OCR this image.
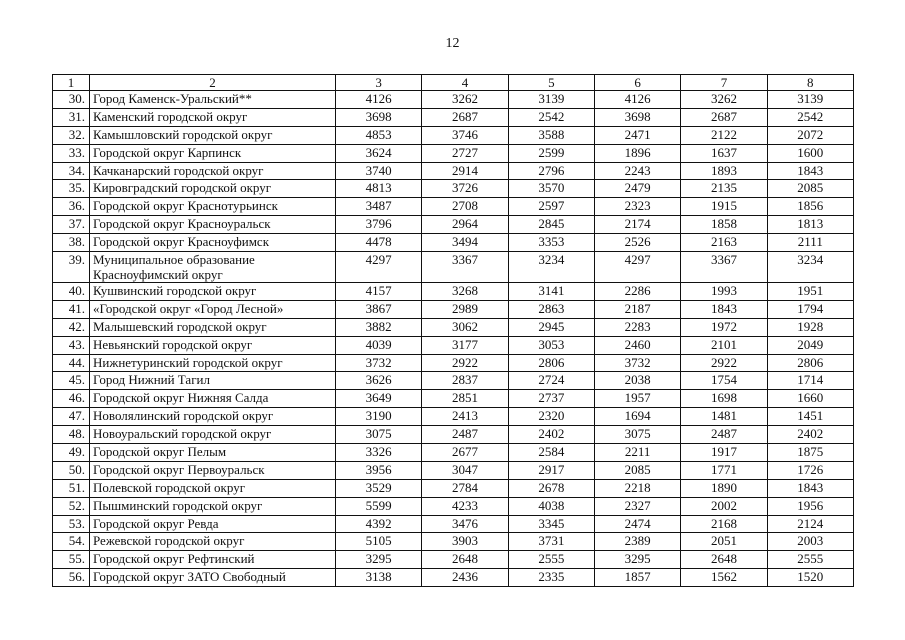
12
1	2	3	4	5	6	7	8
30.	Город Каменск-Уральский**	4126	3262	3139	4126	3262	3139
31.	Каменский городской округ	3698	2687	2542	3698	2687	2542
32.	Камышловский городской округ	4853	3746	3588	2471	2122	2072
33.	Городской округ Карпинск	3624	2727	2599	1896	1637	1600
34.	Качканарский городской округ	3740	2914	2796	2243	1893	1843
35.	Кировградский городской округ	4813	3726	3570	2479	2135	2085
36.	Городской округ Краснотурьинск	3487	2708	2597	2323	1915	1856
37.	Городской округ Красноуральск	3796	2964	2845	2174	1858	1813
38.	Городской округ Красноуфимск	4478	3494	3353	2526	2163	2111
39.	Муниципальное образование Красноуфимский округ	4297	3367	3234	4297	3367	3234
40.	Кушвинский городской округ	4157	3268	3141	2286	1993	1951
41.	«Городской округ «Город Лесной»	3867	2989	2863	2187	1843	1794
42.	Малышевский городской округ	3882	3062	2945	2283	1972	1928
43.	Невьянский городской округ	4039	3177	3053	2460	2101	2049
44.	Нижнетуринский городской округ	3732	2922	2806	3732	2922	2806
45.	Город Нижний Тагил	3626	2837	2724	2038	1754	1714
46.	Городской округ Нижняя Салда	3649	2851	2737	1957	1698	1660
47.	Новолялинский городской округ	3190	2413	2320	1694	1481	1451
48.	Новоуральский городской округ	3075	2487	2402	3075	2487	2402
49.	Городской округ Пелым	3326	2677	2584	2211	1917	1875
50.	Городской округ Первоуральск	3956	3047	2917	2085	1771	1726
51.	Полевской городской округ	3529	2784	2678	2218	1890	1843
52.	Пышминский городской округ	5599	4233	4038	2327	2002	1956
53.	Городской округ Ревда	4392	3476	3345	2474	2168	2124
54.	Режевской городской округ	5105	3903	3731	2389	2051	2003
55.	Городской округ Рефтинский	3295	2648	2555	3295	2648	2555
56.	Городской округ ЗАТО Свободный	3138	2436	2335	1857	1562	1520
